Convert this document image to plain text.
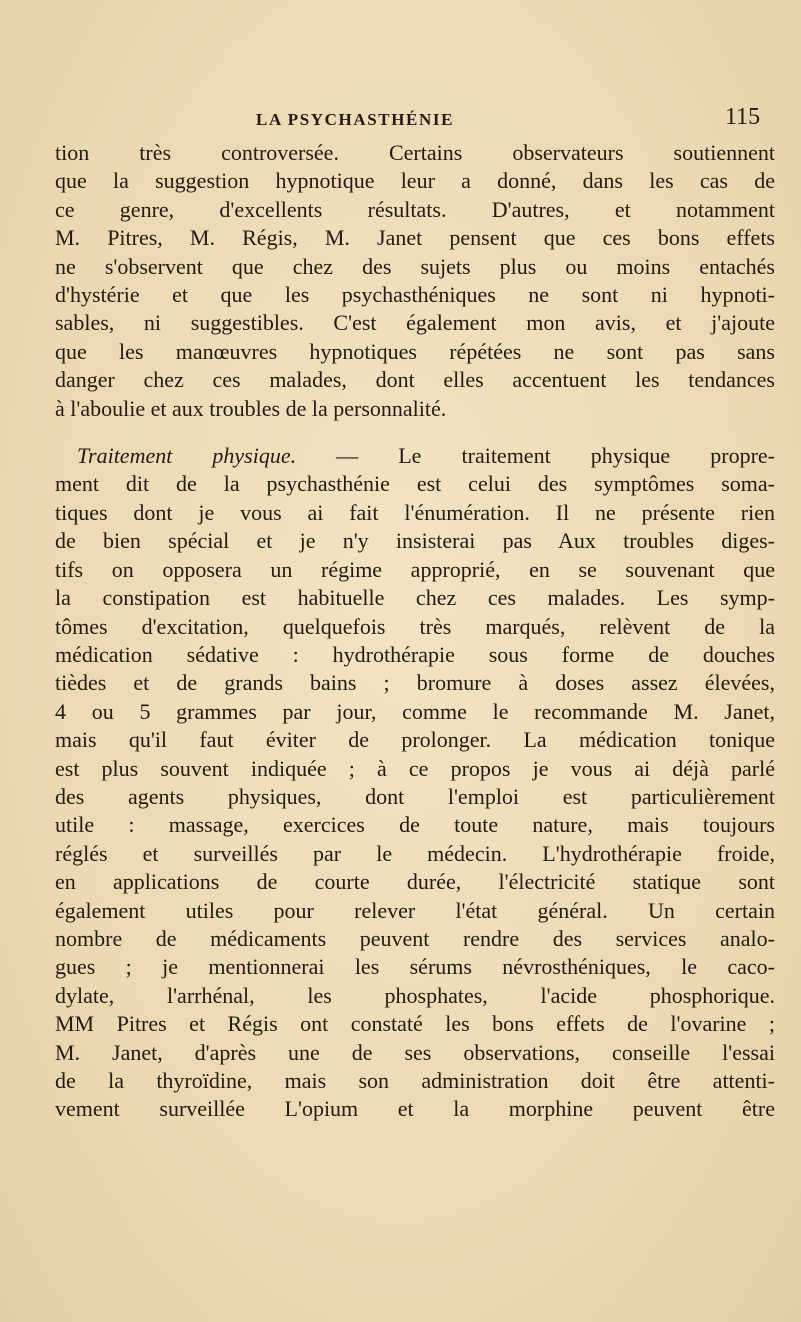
LA PSYCHASTHÉNIE	115
tion très controversée. Certains observateurs soutiennent
que la suggestion hypnotique leur a donné, dans les cas de
ce genre, d'excellents résultats. D'autres, et notamment
M. Pitres, M. Régis, M. Janet pensent que ces bons effets
ne s'observent que chez des sujets plus ou moins entachés
d'hystérie et que les psychasthéniques ne sont ni hypnoti-
sables, ni suggestibles. C'est également mon avis, et j'ajoute
que les manœuvres hypnotiques répétées ne sont pas sans
danger chez ces malades, dont elles accentuent les tendances
à l'aboulie et aux troubles de la personnalité.
Traitement physique. — Le traitement physique propre-
ment dit de la psychasthénie est celui des symptômes soma-
tiques dont je vous ai fait l'énumération. Il ne présente rien
de bien spécial et je n'y insisterai pas Aux troubles diges-
tifs on opposera un régime approprié, en se souvenant que
la constipation est habituelle chez ces malades. Les symp-
tômes d'excitation, quelquefois très marqués, relèvent de la
médication sédative : hydrothérapie sous forme de douches
tièdes et de grands bains ; bromure à doses assez élevées,
4 ou 5 grammes par jour, comme le recommande M. Janet,
mais qu'il faut éviter de prolonger. La médication tonique
est plus souvent indiquée ; à ce propos je vous ai déjà parlé
des agents physiques, dont l'emploi est particulièrement
utile : massage, exercices de toute nature, mais toujours
réglés et surveillés par le médecin. L'hydrothérapie froide,
en applications de courte durée, l'électricité statique sont
également utiles pour relever l'état général. Un certain
nombre de médicaments peuvent rendre des services analo-
gues ; je mentionnerai les sérums névrosthéniques, le caco-
dylate, l'arrhénal, les phosphates, l'acide phosphorique.
MM Pitres et Régis ont constaté les bons effets de l'ovarine ;
M. Janet, d'après une de ses observations, conseille l'essai
de la thyroïdine, mais son administration doit être attenti-
vement surveillée L'opium et la morphine peuvent être
